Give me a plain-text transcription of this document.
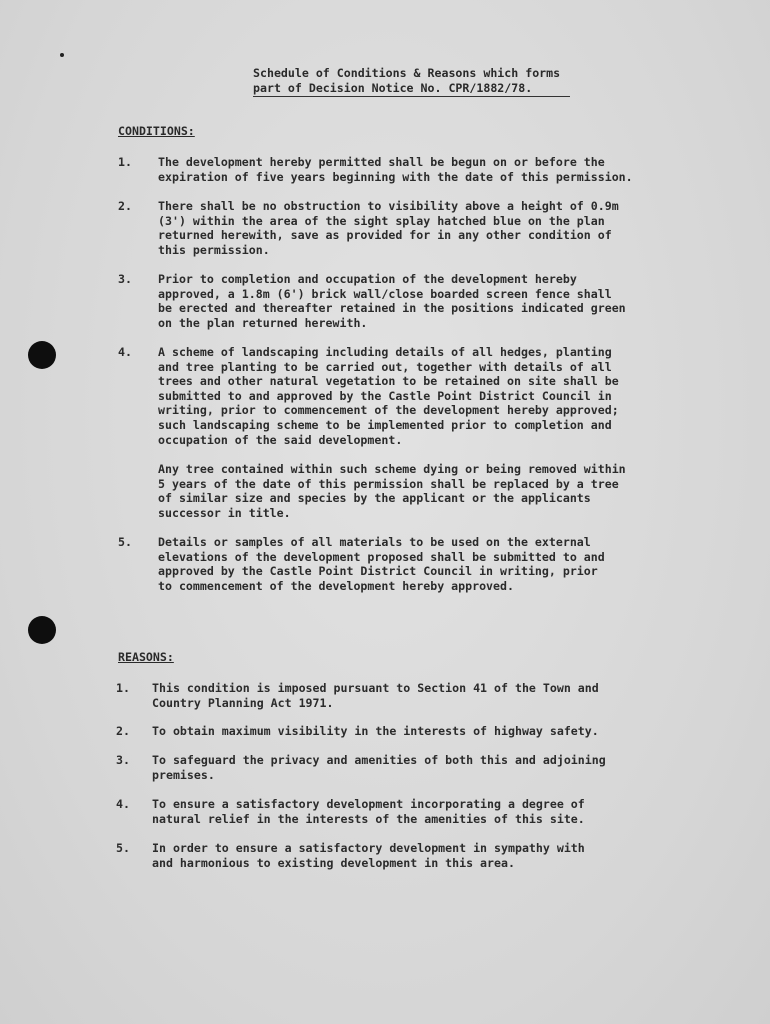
Schedule of Conditions & Reasons which forms
part of Decision Notice No. CPR/1882/78.
CONDITIONS:
1. The development hereby permitted shall be begun on or before the
expiration of five years beginning with the date of this permission.
2. There shall be no obstruction to visibility above a height of 0.9m
(3') within the area of the sight splay hatched blue on the plan
returned herewith, save as provided for in any other condition of
this permission.
3. Prior to completion and occupation of the development hereby
approved, a 1.8m (6') brick wall/close boarded screen fence shall
be erected and thereafter retained in the positions indicated green
on the plan returned herewith.
4. A scheme of landscaping including details of all hedges, planting
and tree planting to be carried out, together with details of all
trees and other natural vegetation to be retained on site shall be
submitted to and approved by the Castle Point District Council in
writing, prior to commencement of the development hereby approved;
such landscaping scheme to be implemented prior to completion and
occupation of the said development.
Any tree contained within such scheme dying or being removed within
5 years of the date of this permission shall be replaced by a tree
of similar size and species by the applicant or the applicants
successor in title.
5. Details or samples of all materials to be used on the external
elevations of the development proposed shall be submitted to and
approved by the Castle Point District Council in writing, prior
to commencement of the development hereby approved.
REASONS:
1. This condition is imposed pursuant to Section 41 of the Town and
Country Planning Act 1971.
2. To obtain maximum visibility in the interests of highway safety.
3. To safeguard the privacy and amenities of both this and adjoining
premises.
4. To ensure a satisfactory development incorporating a degree of
natural relief in the interests of the amenities of this site.
5. In order to ensure a satisfactory development in sympathy with
and harmonious to existing development in this area.
